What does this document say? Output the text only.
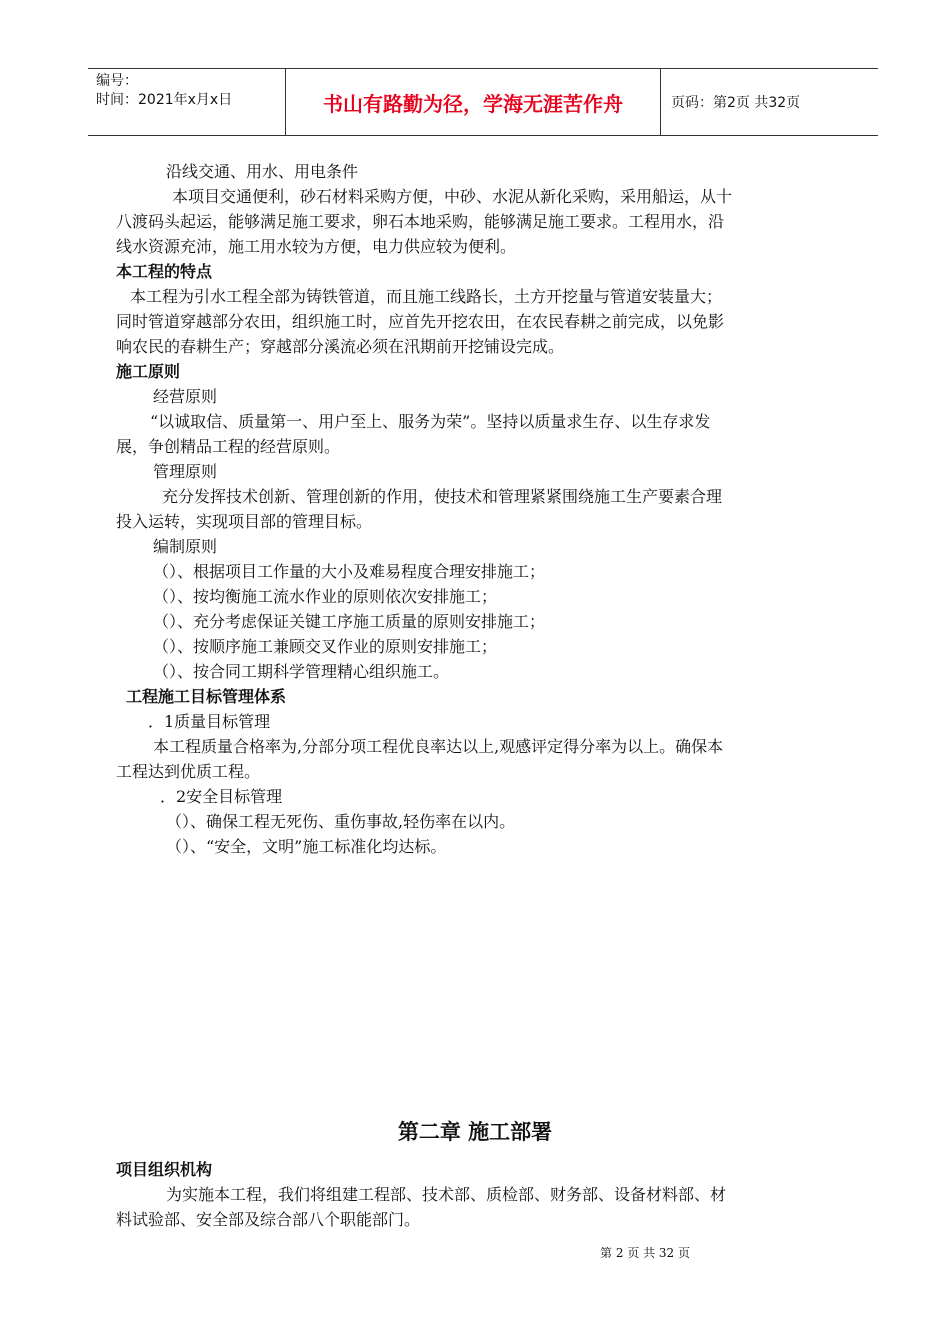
编号：
时间：2021年x月x日	书山有路勤为径，学海无涯苦作舟	页码：第2页 共32页
沿线交通、用水、用电条件
本项目交通便利，砂石材料采购方便，中砂、水泥从新化采购，采用船运，从十
八渡码头起运，能够满足施工要求，卵石本地采购，能够满足施工要求。工程用水，沿
线水资源充沛，施工用水较为方便，电力供应较为便利。
本工程的特点
本工程为引水工程全部为铸铁管道，而且施工线路长，土方开挖量与管道安装量大；
同时管道穿越部分农田，组织施工时，应首先开挖农田，在农民春耕之前完成，以免影
响农民的春耕生产；穿越部分溪流必须在汛期前开挖铺设完成。
施工原则
经营原则
“以诚取信、质量第一、用户至上、服务为荣”。坚持以质量求生存、以生存求发
展，争创精品工程的经营原则。
管理原则
充分发挥技术创新、管理创新的作用，使技术和管理紧紧围绕施工生产要素合理
投入运转，实现项目部的管理目标。
编制原则
（）、根据项目工作量的大小及难易程度合理安排施工；
（）、按均衡施工流水作业的原则依次安排施工；
（）、充分考虑保证关键工序施工质量的原则安排施工；
（）、按顺序施工兼顾交叉作业的原则安排施工；
（）、按合同工期科学管理精心组织施工。
工程施工目标管理体系
．1质量目标管理
本工程质量合格率为,分部分项工程优良率达以上,观感评定得分率为以上。确保本
工程达到优质工程。
．2安全目标管理
（）、确保工程无死伤、重伤事故,轻伤率在以内。
（）、“安全，文明”施工标准化均达标。
第二章 施工部署
项目组织机构
为实施本工程，我们将组建工程部、技术部、质检部、财务部、设备材料部、材
料试验部、安全部及综合部八个职能部门。
第 2 页 共 32 页
